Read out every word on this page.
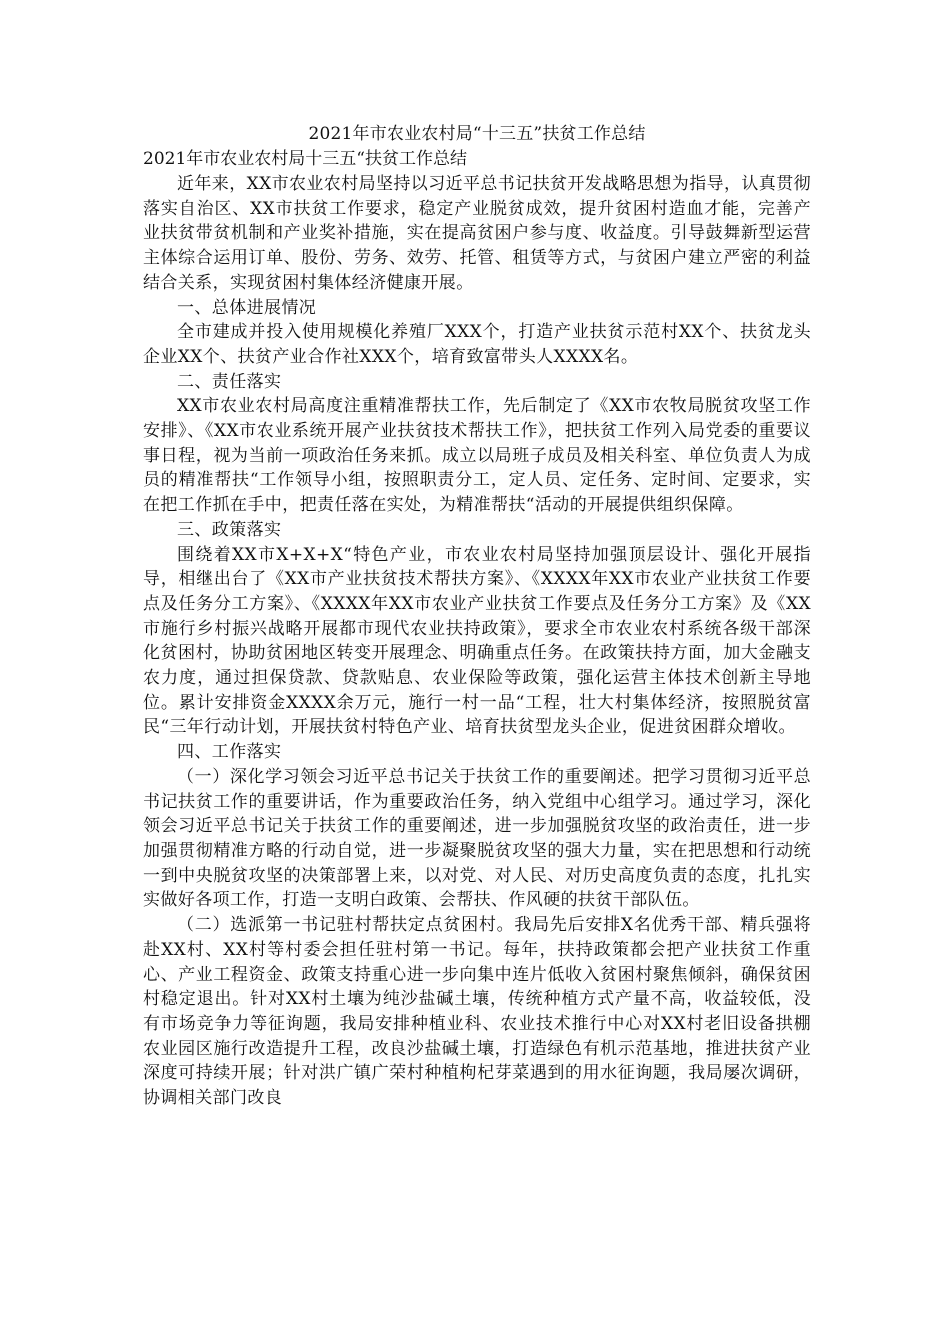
2021年市农业农村局“十三五”扶贫工作总结

2021年市农业农村局十三五“扶贫工作总结

近年来，XX市农业农村局坚持以习近平总书记扶贫开发战略思想为指导，认真贯彻落实自治区、XX市扶贫工作要求，稳定产业脱贫成效，提升贫困村造血才能，完善产业扶贫带贫机制和产业奖补措施，实在提高贫困户参与度、收益度。引导鼓舞新型运营主体综合运用订单、股份、劳务、效劳、托管、租赁等方式，与贫困户建立严密的利益结合关系，实现贫困村集体经济健康开展。

一、总体进展情况

全市建成并投入使用规模化养殖厂XXX个，打造产业扶贫示范村XX个、扶贫龙头企业XX个、扶贫产业合作社XXX个，培育致富带头人XXXX名。

二、责任落实

XX市农业农村局高度注重精准帮扶工作，先后制定了《XX市农牧局脱贫攻坚工作安排》、《XX市农业系统开展产业扶贫技术帮扶工作》，把扶贫工作列入局党委的重要议事日程，视为当前一项政治任务来抓。成立以局班子成员及相关科室、单位负责人为成员的精准帮扶“工作领导小组，按照职责分工，定人员、定任务、定时间、定要求，实在把工作抓在手中，把责任落在实处，为精准帮扶“活动的开展提供组织保障。

三、政策落实

围绕着XX市X+X+X“特色产业，市农业农村局坚持加强顶层设计、强化开展指导，相继出台了《XX市产业扶贫技术帮扶方案》、《XXXX年XX市农业产业扶贫工作要点及任务分工方案》、《XXXX年XX市农业产业扶贫工作要点及任务分工方案》及《XX市施行乡村振兴战略开展都市现代农业扶持政策》，要求全市农业农村系统各级干部深化贫困村，协助贫困地区转变开展理念、明确重点任务。在政策扶持方面，加大金融支农力度，通过担保贷款、贷款贴息、农业保险等政策，强化运营主体技术创新主导地位。累计安排资金XXXX余万元，施行一村一品“工程，壮大村集体经济，按照脱贫富民“三年行动计划，开展扶贫村特色产业、培育扶贫型龙头企业，促进贫困群众增收。

四、工作落实

（一）深化学习领会习近平总书记关于扶贫工作的重要阐述。把学习贯彻习近平总书记扶贫工作的重要讲话，作为重要政治任务，纳入党组中心组学习。通过学习，深化领会习近平总书记关于扶贫工作的重要阐述，进一步加强脱贫攻坚的政治责任，进一步加强贯彻精准方略的行动自觉，进一步凝聚脱贫攻坚的强大力量，实在把思想和行动统一到中央脱贫攻坚的决策部署上来，以对党、对人民、对历史高度负责的态度，扎扎实实做好各项工作，打造一支明白政策、会帮扶、作风硬的扶贫干部队伍。

（二）选派第一书记驻村帮扶定点贫困村。我局先后安排X名优秀干部、精兵强将赴XX村、XX村等村委会担任驻村第一书记。每年，扶持政策都会把产业扶贫工作重心、产业工程资金、政策支持重心进一步向集中连片低收入贫困村聚焦倾斜，确保贫困村稳定退出。针对XX村土壤为纯沙盐碱土壤，传统种植方式产量不高，收益较低，没有市场竞争力等征询题，我局安排种植业科、农业技术推行中心对XX村老旧设备拱棚农业园区施行改造提升工程，改良沙盐碱土壤，打造绿色有机示范基地，推进扶贫产业深度可持续开展；针对洪广镇广荣村种植枸杞芽菜遇到的用水征询题，我局屡次调研，协调相关部门改良
